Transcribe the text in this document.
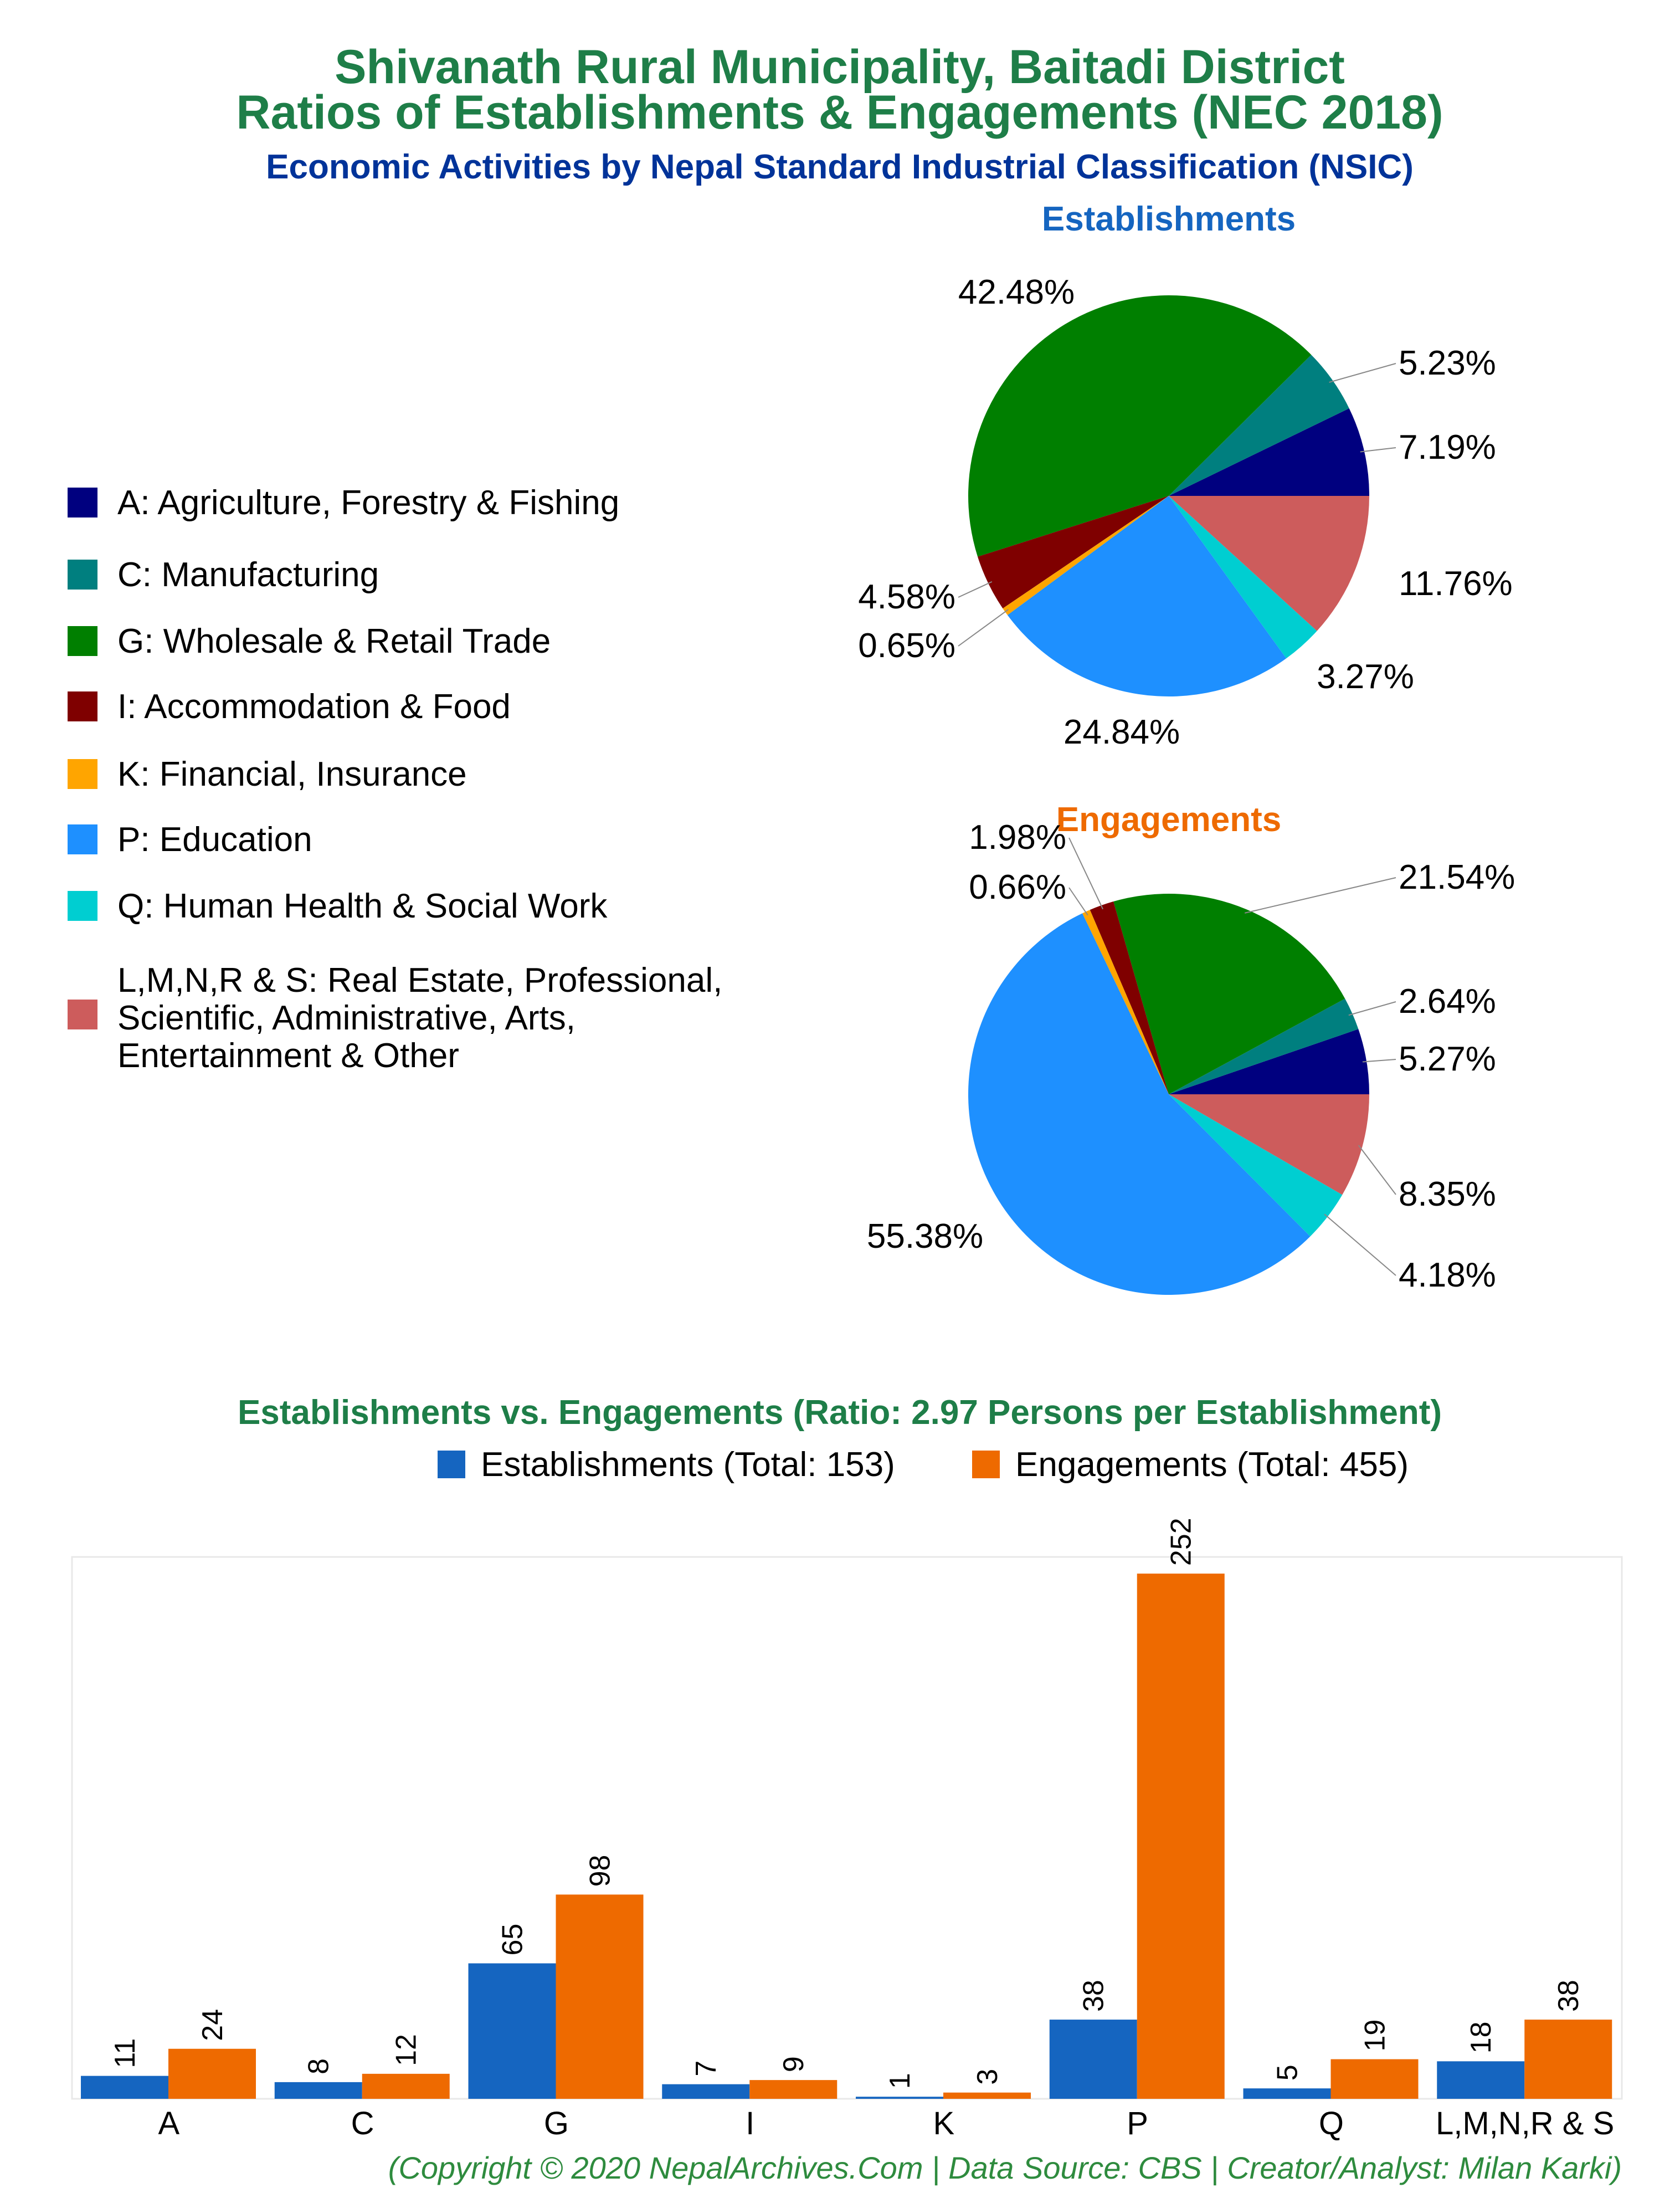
Shivanath Rural Municipality, Baitadi District
Ratios of Establishments & Engagements (NEC 2018)
Economic Activities by Nepal Standard Industrial Classification (NSIC)
A: Agriculture, Forestry & Fishing
C: Manufacturing
G: Wholesale & Retail Trade
I: Accommodation & Food
K: Financial, Insurance
P: Education
Q: Human Health & Social Work
L,M,N,R & S: Real Estate, Professional,
Scientific, Administrative, Arts,
Entertainment & Other
Establishments
7.19%
5.23%
42.48%
4.58%
0.65%
24.84%
3.27%
11.76%
Engagements
5.27%
2.64%
21.54%
1.98%
0.66%
55.38%
4.18%
8.35%
Establishments vs. Engagements (Ratio: 2.97 Persons per Establishment)
Establishments (Total: 153)	Engagements (Total: 455)
11
24
A
8
12
C
65
98
G
7 9
I
1 3
K
38
252
P
5
19
Q
18
38
L,M,N,R & S
(Copyright © 2020 NepalArchives.Com | Data Source: CBS | Creator/Analyst: Milan Karki)
